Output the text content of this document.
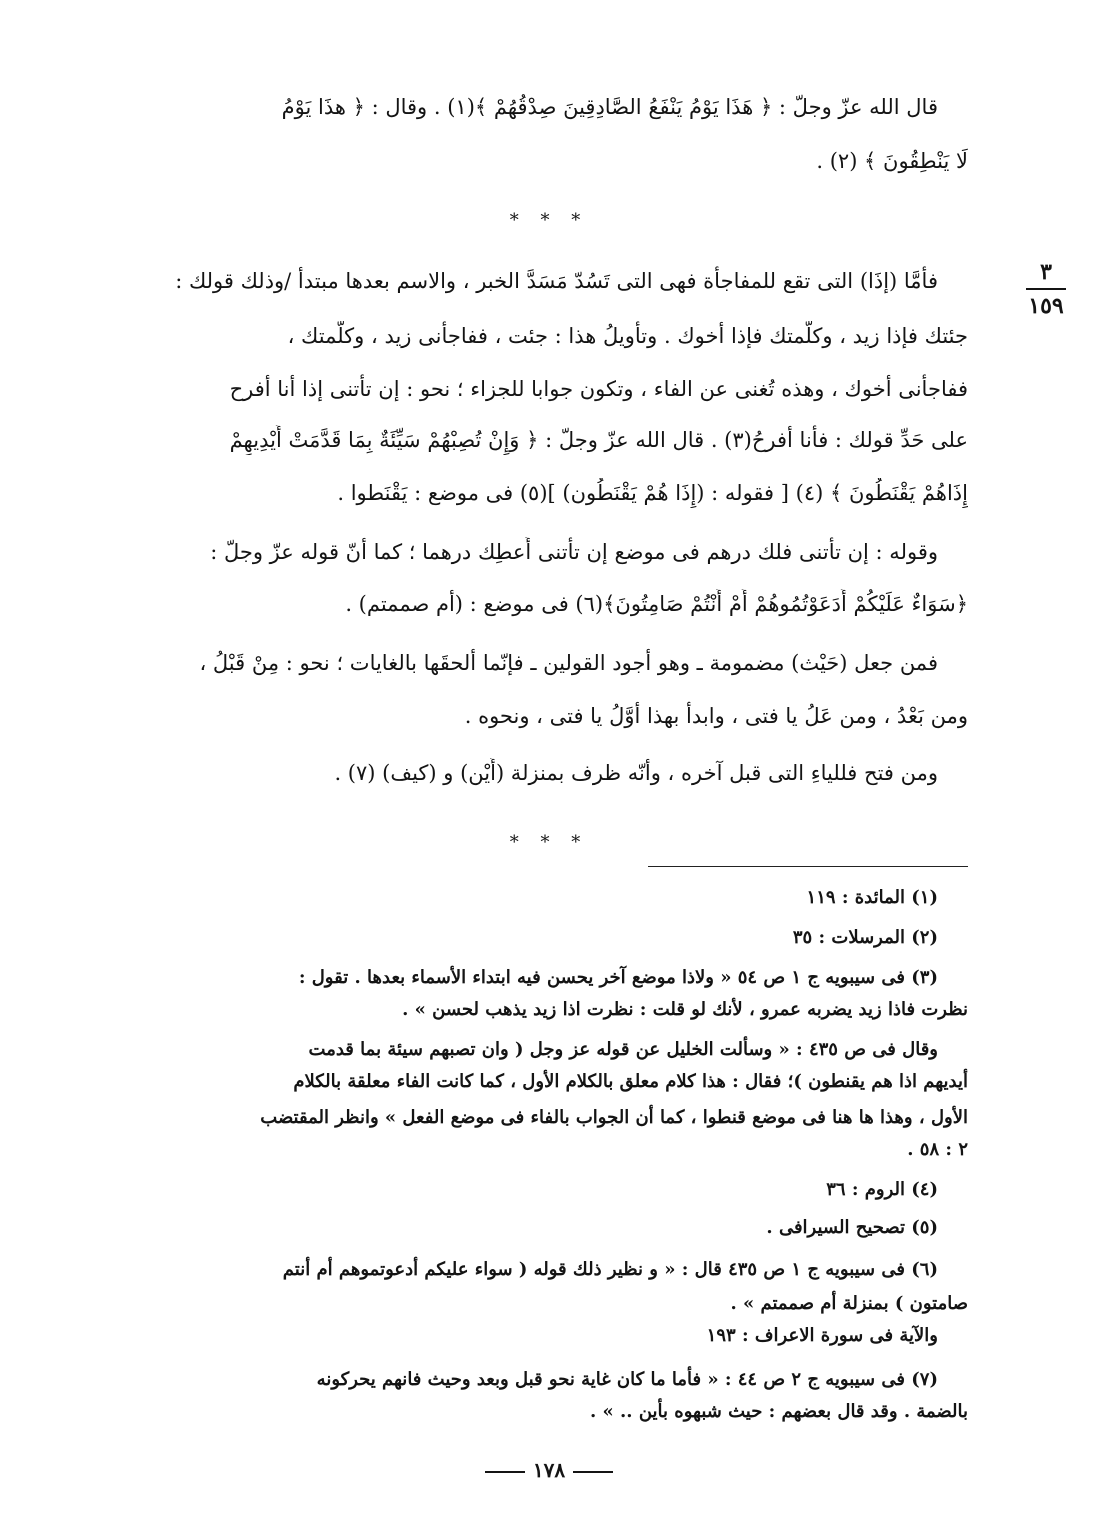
٣
١٥٩
قال الله عزّ وجلّ : ﴿ هَذَا يَوْمُ يَنْفَعُ الصَّادِقِينَ صِدْقُهُمْ ﴾(١) . وقال : ﴿ هذَا يَوْمُ
لَا يَنْطِقُونَ ﴾ (٢) .
* * *
فأمَّا (إذَا) التى تقع للمفاجأة فهى التى تَسُدّ مَسَدَّ الخبر ، والاسم بعدها مبتدأ /وذلك قولك :
جئتك فإذا زيد ، وكلَّمتك فإذا أخوك . وتأويلُ هذا : جئت ، ففاجأنى زيد ، وكلَّمتك ،
ففاجأنى أخوك ، وهذه تُغنى عن الفاء ، وتكون جوابا للجزاء ؛ نحو : إن تأتنى إذا أنا أفرح
على حَدِّ قولك : فأنا أفرحُ(٣) . قال الله عزّ وجلّ : ﴿ وَإِنْ تُصِبْهُمْ سَيِّئَةٌ بِمَا قَدَّمَتْ أَيْدِيهِمْ
إِذَاهُمْ يَقْنَطُونَ ﴾ (٤) [ فقوله : (إِذَا هُمْ يَقْنَطُون) ](٥) فى موضع : يَقْنَطوا .
وقوله : إن تأتنى فلك درهم فى موضع إن تأتنى أُعطِك درهما ؛ كما أنّ قوله عزّ وجلّ :
﴿سَوَاءٌ عَلَيْكُمْ أَدَعَوْتُمُوهُمْ أَمْ أَنْتُمْ صَامِتُونَ﴾(٦) فى موضع : (أم صممتم) .
فمن جعل (حَيْث) مضمومة ـ وهو أجود القولين ـ فإنّما ألحقَها بالغايات ؛ نحو : مِنْ قَبْلُ ،
ومن بَعْدُ ، ومن عَلُ يا فتى ، وابدأْ بهذا أوَّلُ يا فتى ، ونحوه .
ومن فتح فللياءِ التى قبل آخره ، وأنّه ظرف بمنزلة (أَيْن) و (كيف) (٧) .
* * *
(١) المائدة : ١١٩
(٢) المرسلات : ٣٥
(٣) فى سيبويه ج ١ ص ٥٤ « ولاذا موضع آخر يحسن فيه ابتداء الأسماء بعدها . تقول :
نظرت فاذا زيد يضربه عمرو ، لأنك لو قلت : نظرت اذا زيد يذهب لحسن » .
وقال فى ص ٤٣٥ : « وسألت الخليل عن قوله عز وجل ( وان تصبهم سيئة بما قدمت
أيديهم اذا هم يقنطون )؛ فقال : هذا كلام معلق بالكلام الأول ، كما كانت الفاء معلقة بالكلام
الأول ، وهذا ها هنا فى موضع قنطوا ، كما أن الجواب بالفاء فى موضع الفعل » وانظر المقتضب
٢ : ٥٨ .
(٤) الروم : ٣٦
(٥) تصحيح السيرافى .
(٦) فى سيبويه ج ١ ص ٤٣٥ قال : « و نظير ذلك قوله ( سواء عليكم أدعوتموهم أم أنتم
صامتون ) بمنزلة أم صممتم » .
والآية فى سورة الاعراف : ١٩٣
(٧) فى سيبويه ج ٢ ص ٤٤ : « فأما ما كان غاية نحو قبل وبعد وحيث فانهم يحركونه
بالضمة . وقد قال بعضهم : حيث شبهوه بأين .. » .
١٧٨
